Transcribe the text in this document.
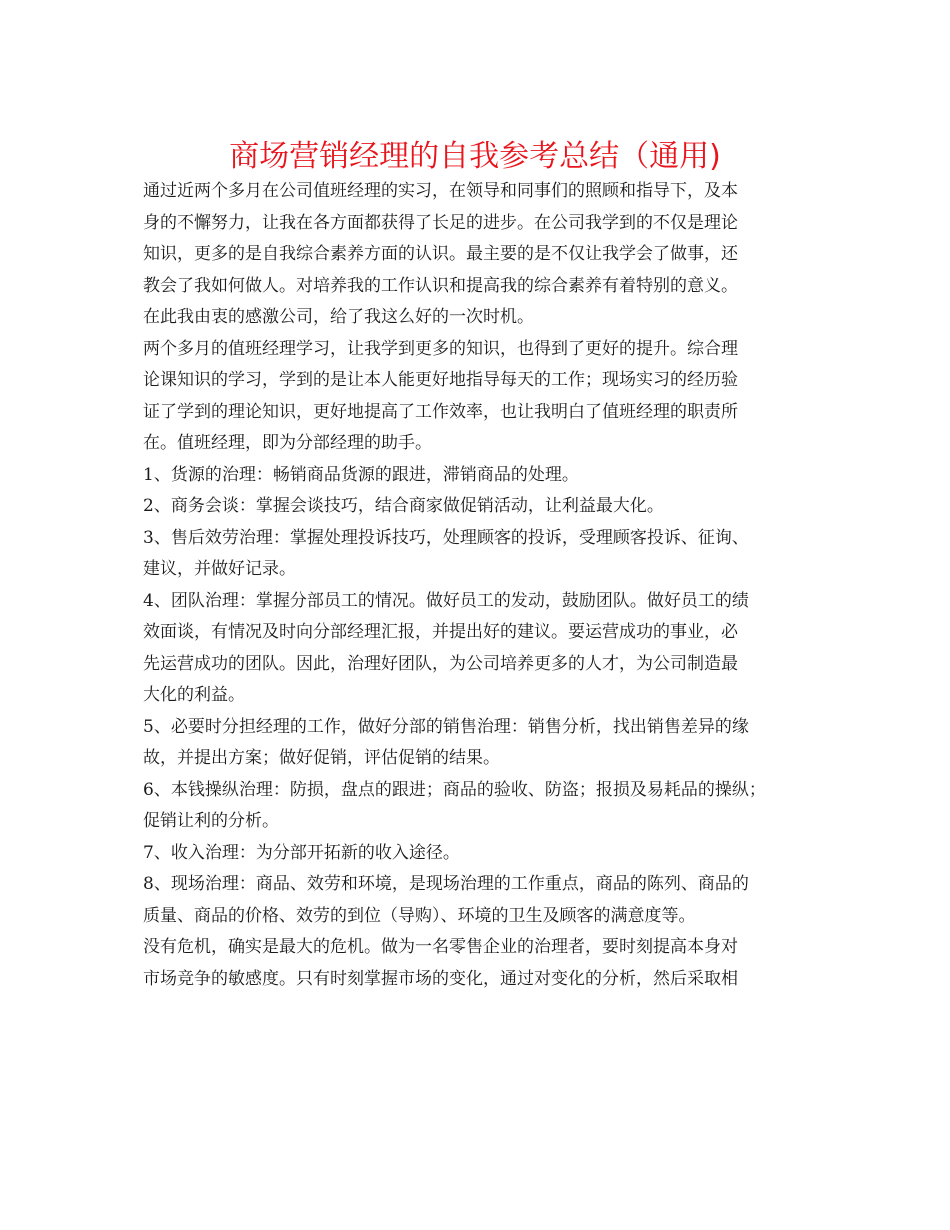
商场营销经理的自我参考总结（通用)
通过近两个多月在公司值班经理的实习，在领导和同事们的照顾和指导下，及本
身的不懈努力，让我在各方面都获得了长足的进步。在公司我学到的不仅是理论
知识，更多的是自我综合素养方面的认识。最主要的是不仅让我学会了做事，还
教会了我如何做人。对培养我的工作认识和提高我的综合素养有着特别的意义。
在此我由衷的感激公司，给了我这么好的一次时机。
两个多月的值班经理学习，让我学到更多的知识，也得到了更好的提升。综合理
论课知识的学习，学到的是让本人能更好地指导每天的工作；现场实习的经历验
证了学到的理论知识，更好地提高了工作效率，也让我明白了值班经理的职责所
在。值班经理，即为分部经理的助手。
1、货源的治理：畅销商品货源的跟进，滞销商品的处理。
2、商务会谈：掌握会谈技巧，结合商家做促销活动，让利益最大化。
3、售后效劳治理：掌握处理投诉技巧，处理顾客的投诉，受理顾客投诉、征询、
建议，并做好记录。
4、团队治理：掌握分部员工的情况。做好员工的发动，鼓励团队。做好员工的绩
效面谈，有情况及时向分部经理汇报，并提出好的建议。要运营成功的事业，必
先运营成功的团队。因此，治理好团队，为公司培养更多的人才，为公司制造最
大化的利益。
5、必要时分担经理的工作，做好分部的销售治理：销售分析，找出销售差异的缘
故，并提出方案；做好促销，评估促销的结果。
6、本钱操纵治理：防损，盘点的跟进；商品的验收、防盗；报损及易耗品的操纵；
促销让利的分析。
7、收入治理：为分部开拓新的收入途径。
8、现场治理：商品、效劳和环境，是现场治理的工作重点，商品的陈列、商品的
质量、商品的价格、效劳的到位（导购）、环境的卫生及顾客的满意度等。
没有危机，确实是最大的危机。做为一名零售企业的治理者，要时刻提高本身对
市场竞争的敏感度。只有时刻掌握市场的变化，通过对变化的分析，然后采取相
